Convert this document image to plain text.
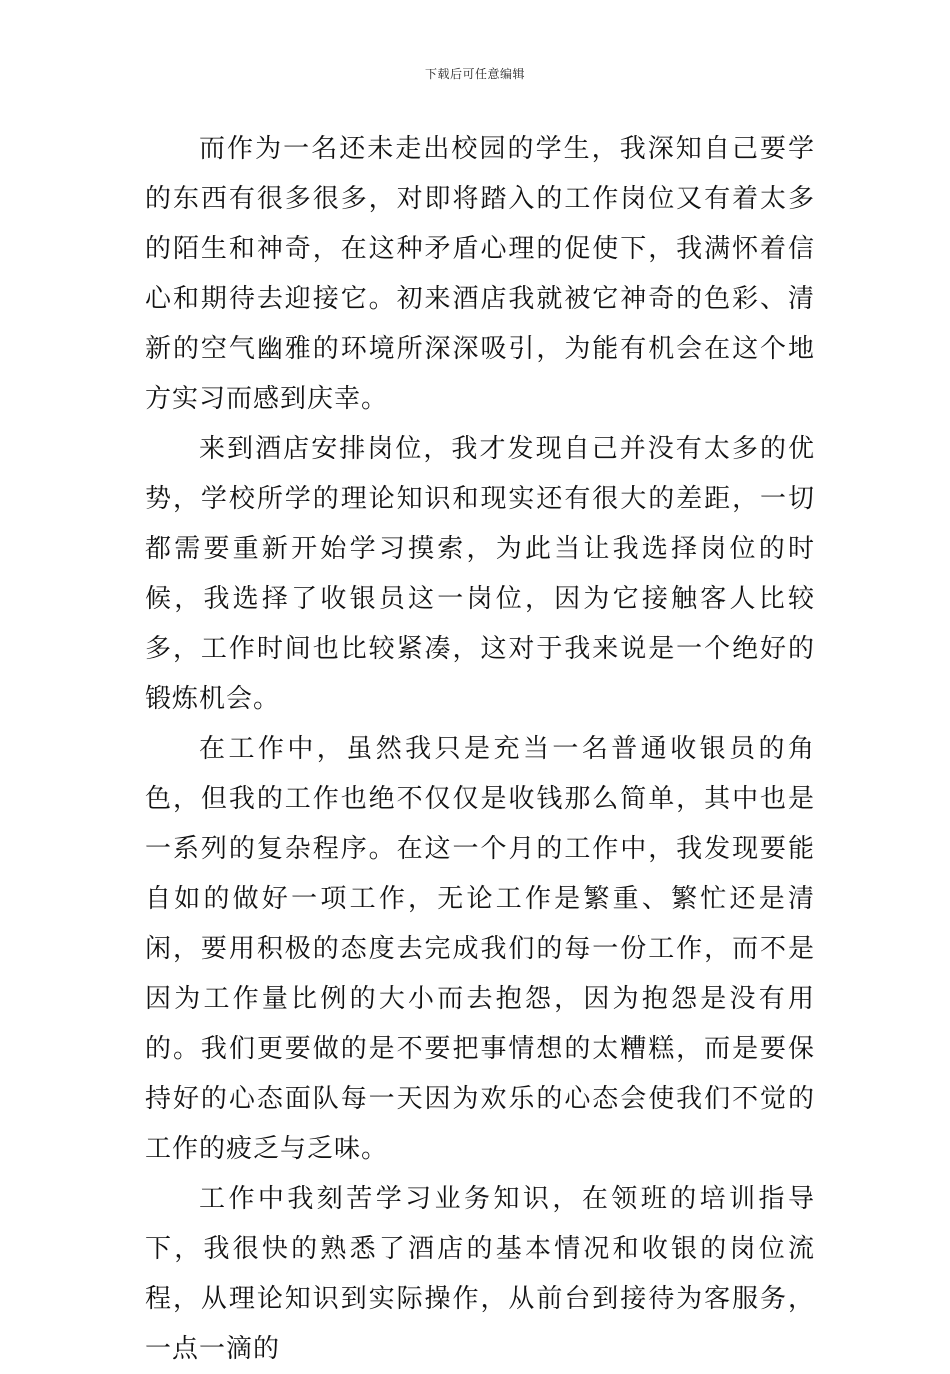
下载后可任意编辑

而作为一名还未走出校园的学生，我深知自己要学的东西有很多很多，对即将踏入的工作岗位又有着太多的陌生和神奇，在这种矛盾心理的促使下，我满怀着信心和期待去迎接它。初来酒店我就被它神奇的色彩、清新的空气幽雅的环境所深深吸引，为能有机会在这个地方实习而感到庆幸。

来到酒店安排岗位，我才发现自己并没有太多的优势，学校所学的理论知识和现实还有很大的差距，一切都需要重新开始学习摸索，为此当让我选择岗位的时候，我选择了收银员这一岗位，因为它接触客人比较多，工作时间也比较紧凑，这对于我来说是一个绝好的锻炼机会。

在工作中，虽然我只是充当一名普通收银员的角色，但我的工作也绝不仅仅是收钱那么简单，其中也是一系列的复杂程序。在这一个月的工作中，我发现要能自如的做好一项工作，无论工作是繁重、繁忙还是清闲，要用积极的态度去完成我们的每一份工作，而不是因为工作量比例的大小而去抱怨，因为抱怨是没有用的。我们更要做的是不要把事情想的太糟糕，而是要保持好的心态面队每一天因为欢乐的心态会使我们不觉的工作的疲乏与乏味。

工作中我刻苦学习业务知识，在领班的培训指导下，我很快的熟悉了酒店的基本情况和收银的岗位流程，从理论知识到实际操作，从前台到接待为客服务，一点一滴的
